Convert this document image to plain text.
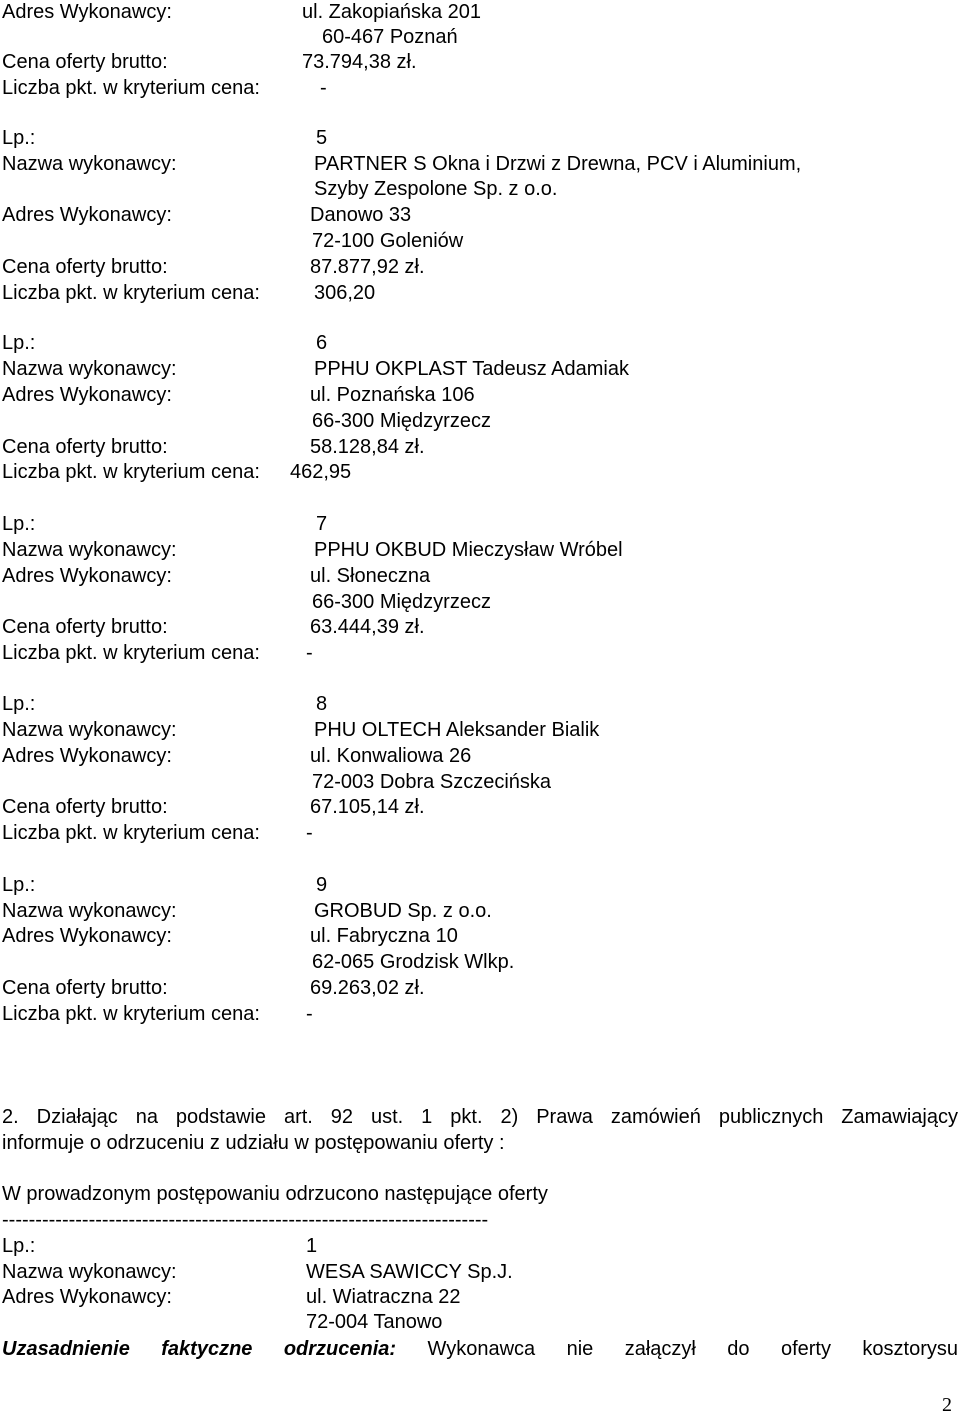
Adres Wykonawcy:	ul. Zakopiańska 201
60-467 Poznań
Cena oferty brutto:	73.794,38 zł.
Liczba pkt. w kryterium cena:	-
Lp.:	5
Nazwa wykonawcy:	PARTNER S Okna i Drzwi z Drewna, PCV i Aluminium,
Szyby Zespolone Sp. z o.o.
Adres Wykonawcy:	Danowo 33
72-100 Goleniów
Cena oferty brutto:	87.877,92 zł.
Liczba pkt. w kryterium cena:	306,20
Lp.:	6
Nazwa wykonawcy:	PPHU OKPLAST Tadeusz Adamiak
Adres Wykonawcy:	ul. Poznańska 106
66-300 Międzyrzecz
Cena oferty brutto:	58.128,84 zł.
Liczba pkt. w kryterium cena: 462,95
Lp.:	7
Nazwa wykonawcy:	PPHU OKBUD Mieczysław Wróbel
Adres Wykonawcy:	ul. Słoneczna
66-300 Międzyrzecz
Cena oferty brutto:	63.444,39 zł.
Liczba pkt. w kryterium cena: -
Lp.:	8
Nazwa wykonawcy:	PHU OLTECH Aleksander Bialik
Adres Wykonawcy:	ul. Konwaliowa 26
72-003 Dobra Szczecińska
Cena oferty brutto:	67.105,14 zł.
Liczba pkt. w kryterium cena: -
Lp.:	9
Nazwa wykonawcy:	GROBUD Sp. z o.o.
Adres Wykonawcy:	ul. Fabryczna 10
62-065 Grodzisk Wlkp.
Cena oferty brutto:	69.263,02 zł.
Liczba pkt. w kryterium cena: -
2. Działając na podstawie art. 92 ust. 1 pkt. 2) Prawa zamówień publicznych Zamawiający
informuje o odrzuceniu z udziału w postępowaniu oferty :
W prowadzonym postępowaniu odrzucono następujące oferty
-------------------------------------------------------------------------
Lp.:	1
Nazwa wykonawcy:	WESA SAWICCY Sp.J.
Adres Wykonawcy:	ul. Wiatraczna 22
72-004 Tanowo
Uzasadnienie faktyczne odrzucenia: Wykonawca nie załączył do oferty kosztorysu
2
